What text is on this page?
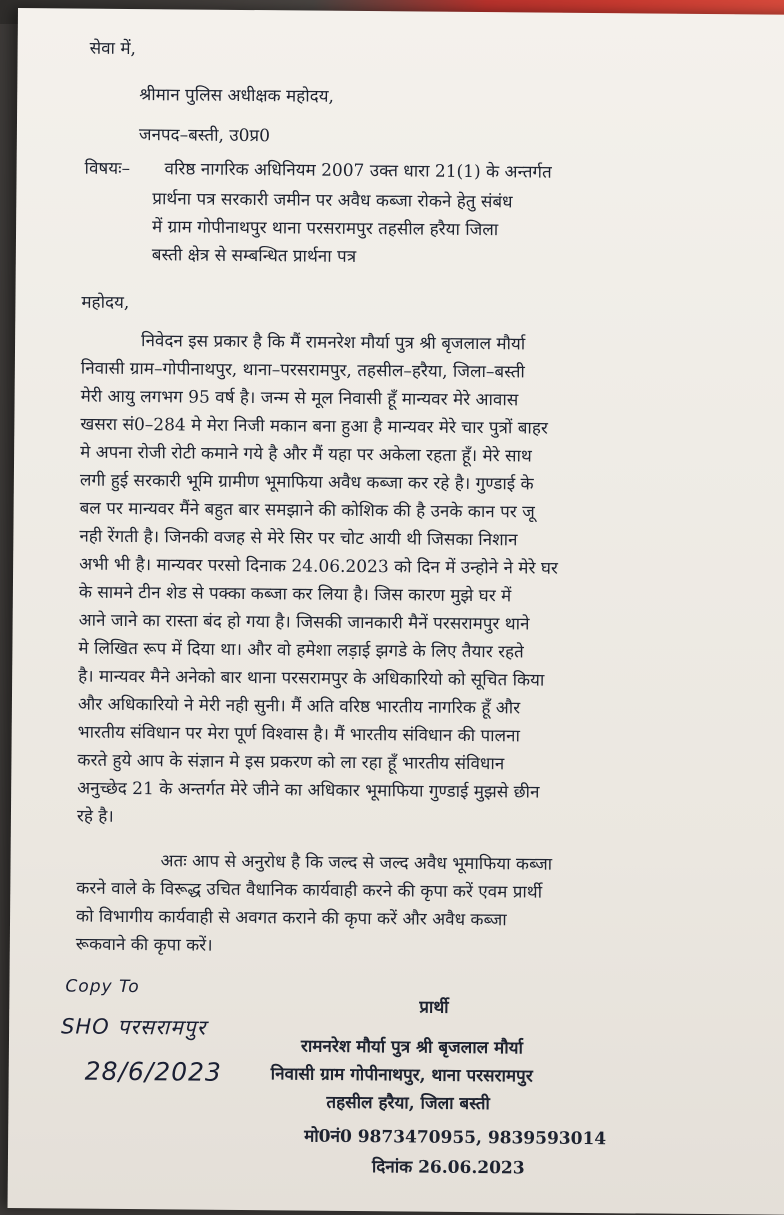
सेवा में,
श्रीमान पुलिस अधीक्षक महोदय,
जनपद–बस्ती, उ0प्र0
विषयः– वरिष्ठ नागरिक अधिनियम 2007 उक्त धारा 21(1) के अन्तर्गत
प्रार्थना पत्र सरकारी जमीन पर अवैध कब्जा रोकने हेतु संबंध
में ग्राम गोपीनाथपुर थाना परसरामपुर तहसील हरैया जिला
बस्ती क्षेत्र से सम्बन्धित प्रार्थना पत्र
महोदय,
निवेदन इस प्रकार है कि मैं रामनरेश मौर्या पुत्र श्री बृजलाल मौर्या
निवासी ग्राम–गोपीनाथपुर, थाना–परसरामपुर, तहसील–हरैया, जिला–बस्ती
मेरी आयु लगभग 95 वर्ष है। जन्म से मूल निवासी हूँ मान्यवर मेरे आवास
खसरा सं0–284 मे मेरा निजी मकान बना हुआ है मान्यवर मेरे चार पुत्रों बाहर
मे अपना रोजी रोटी कमाने गये है और मैं यहा पर अकेला रहता हूँ। मेरे साथ
लगी हुई सरकारी भूमि ग्रामीण भूमाफिया अवैध कब्जा कर रहे है। गुण्डाई के
बल पर मान्यवर मैंने बहुत बार समझाने की कोशिक की है उनके कान पर जू
नही रेंगती है। जिनकी वजह से मेरे सिर पर चोट आयी थी जिसका निशान
अभी भी है। मान्यवर परसो दिनाक 24.06.2023 को दिन में उन्होने ने मेरे घर
के सामने टीन शेड से पक्का कब्जा कर लिया है। जिस कारण मुझे घर में
आने जाने का रास्ता बंद हो गया है। जिसकी जानकारी मैनें परसरामपुर थाने
मे लिखित रूप में दिया था। और वो हमेशा लड़ाई झगडे के लिए तैयार रहते
है। मान्यवर मैने अनेको बार थाना परसरामपुर के अधिकारियो को सूचित किया
और अधिकारियो ने मेरी नही सुनी। मैं अति वरिष्ठ भारतीय नागरिक हूँ और
भारतीय संविधान पर मेरा पूर्ण विश्वास है। मैं भारतीय संविधान की पालना
करते हुये आप के संज्ञान मे इस प्रकरण को ला रहा हूँ भारतीय संविधान
अनुच्छेद 21 के अन्तर्गत मेरे जीने का अधिकार भूमाफिया गुण्डाई मुझसे छीन
रहे है।
अतः आप से अनुरोध है कि जल्द से जल्द अवैध भूमाफिया कब्जा
करने वाले के विरूद्ध उचित वैधानिक कार्यवाही करने की कृपा करें एवम प्रार्थी
को विभागीय कार्यवाही से अवगत कराने की कृपा करें और अवैध कब्जा
रूकवाने की कृपा करें।
Copy To
SHO परसरामपुर
28/6/2023
प्रार्थी
रामनरेश मौर्या पुत्र श्री बृजलाल मौर्या
निवासी ग्राम गोपीनाथपुर, थाना परसरामपुर
तहसील हरैया, जिला बस्ती
मो0नं0 9873470955, 9839593014
दिनांक 26.06.2023
